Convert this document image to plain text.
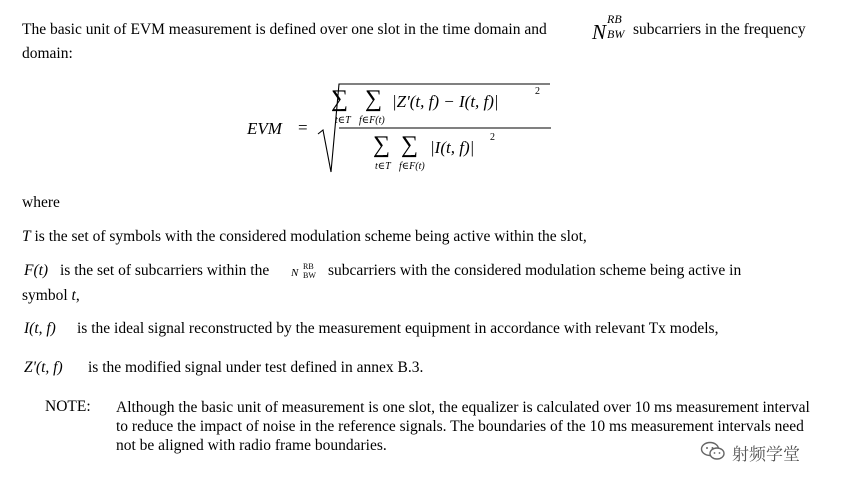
The basic unit of EVM measurement is defined over one slot in the time domain and N
RB
BW subcarriers in the frequency
domain:
EVM =
∑ ∑
t∈T f∈F(t)
|Z'(t, f) − I(t, f)|
2
∑ ∑
t∈T f∈F(t)
|I(t, f)|
2
where
T is the set of symbols with the considered modulation scheme being active within the slot,
F(t) is the set of subcarriers within the N
RB
BW subcarriers with the considered modulation scheme being active in
symbol t,
I(t, f) is the ideal signal reconstructed by the measurement equipment in accordance with relevant Tx models,
Z'(t, f) is the modified signal under test defined in annex B.3.
NOTE: Although the basic unit of measurement is one slot, the equalizer is calculated over 10 ms measurement interval to reduce the impact of noise in the reference signals. The boundaries of the 10 ms measurement intervals need not be aligned with radio frame boundaries.	射频学堂
